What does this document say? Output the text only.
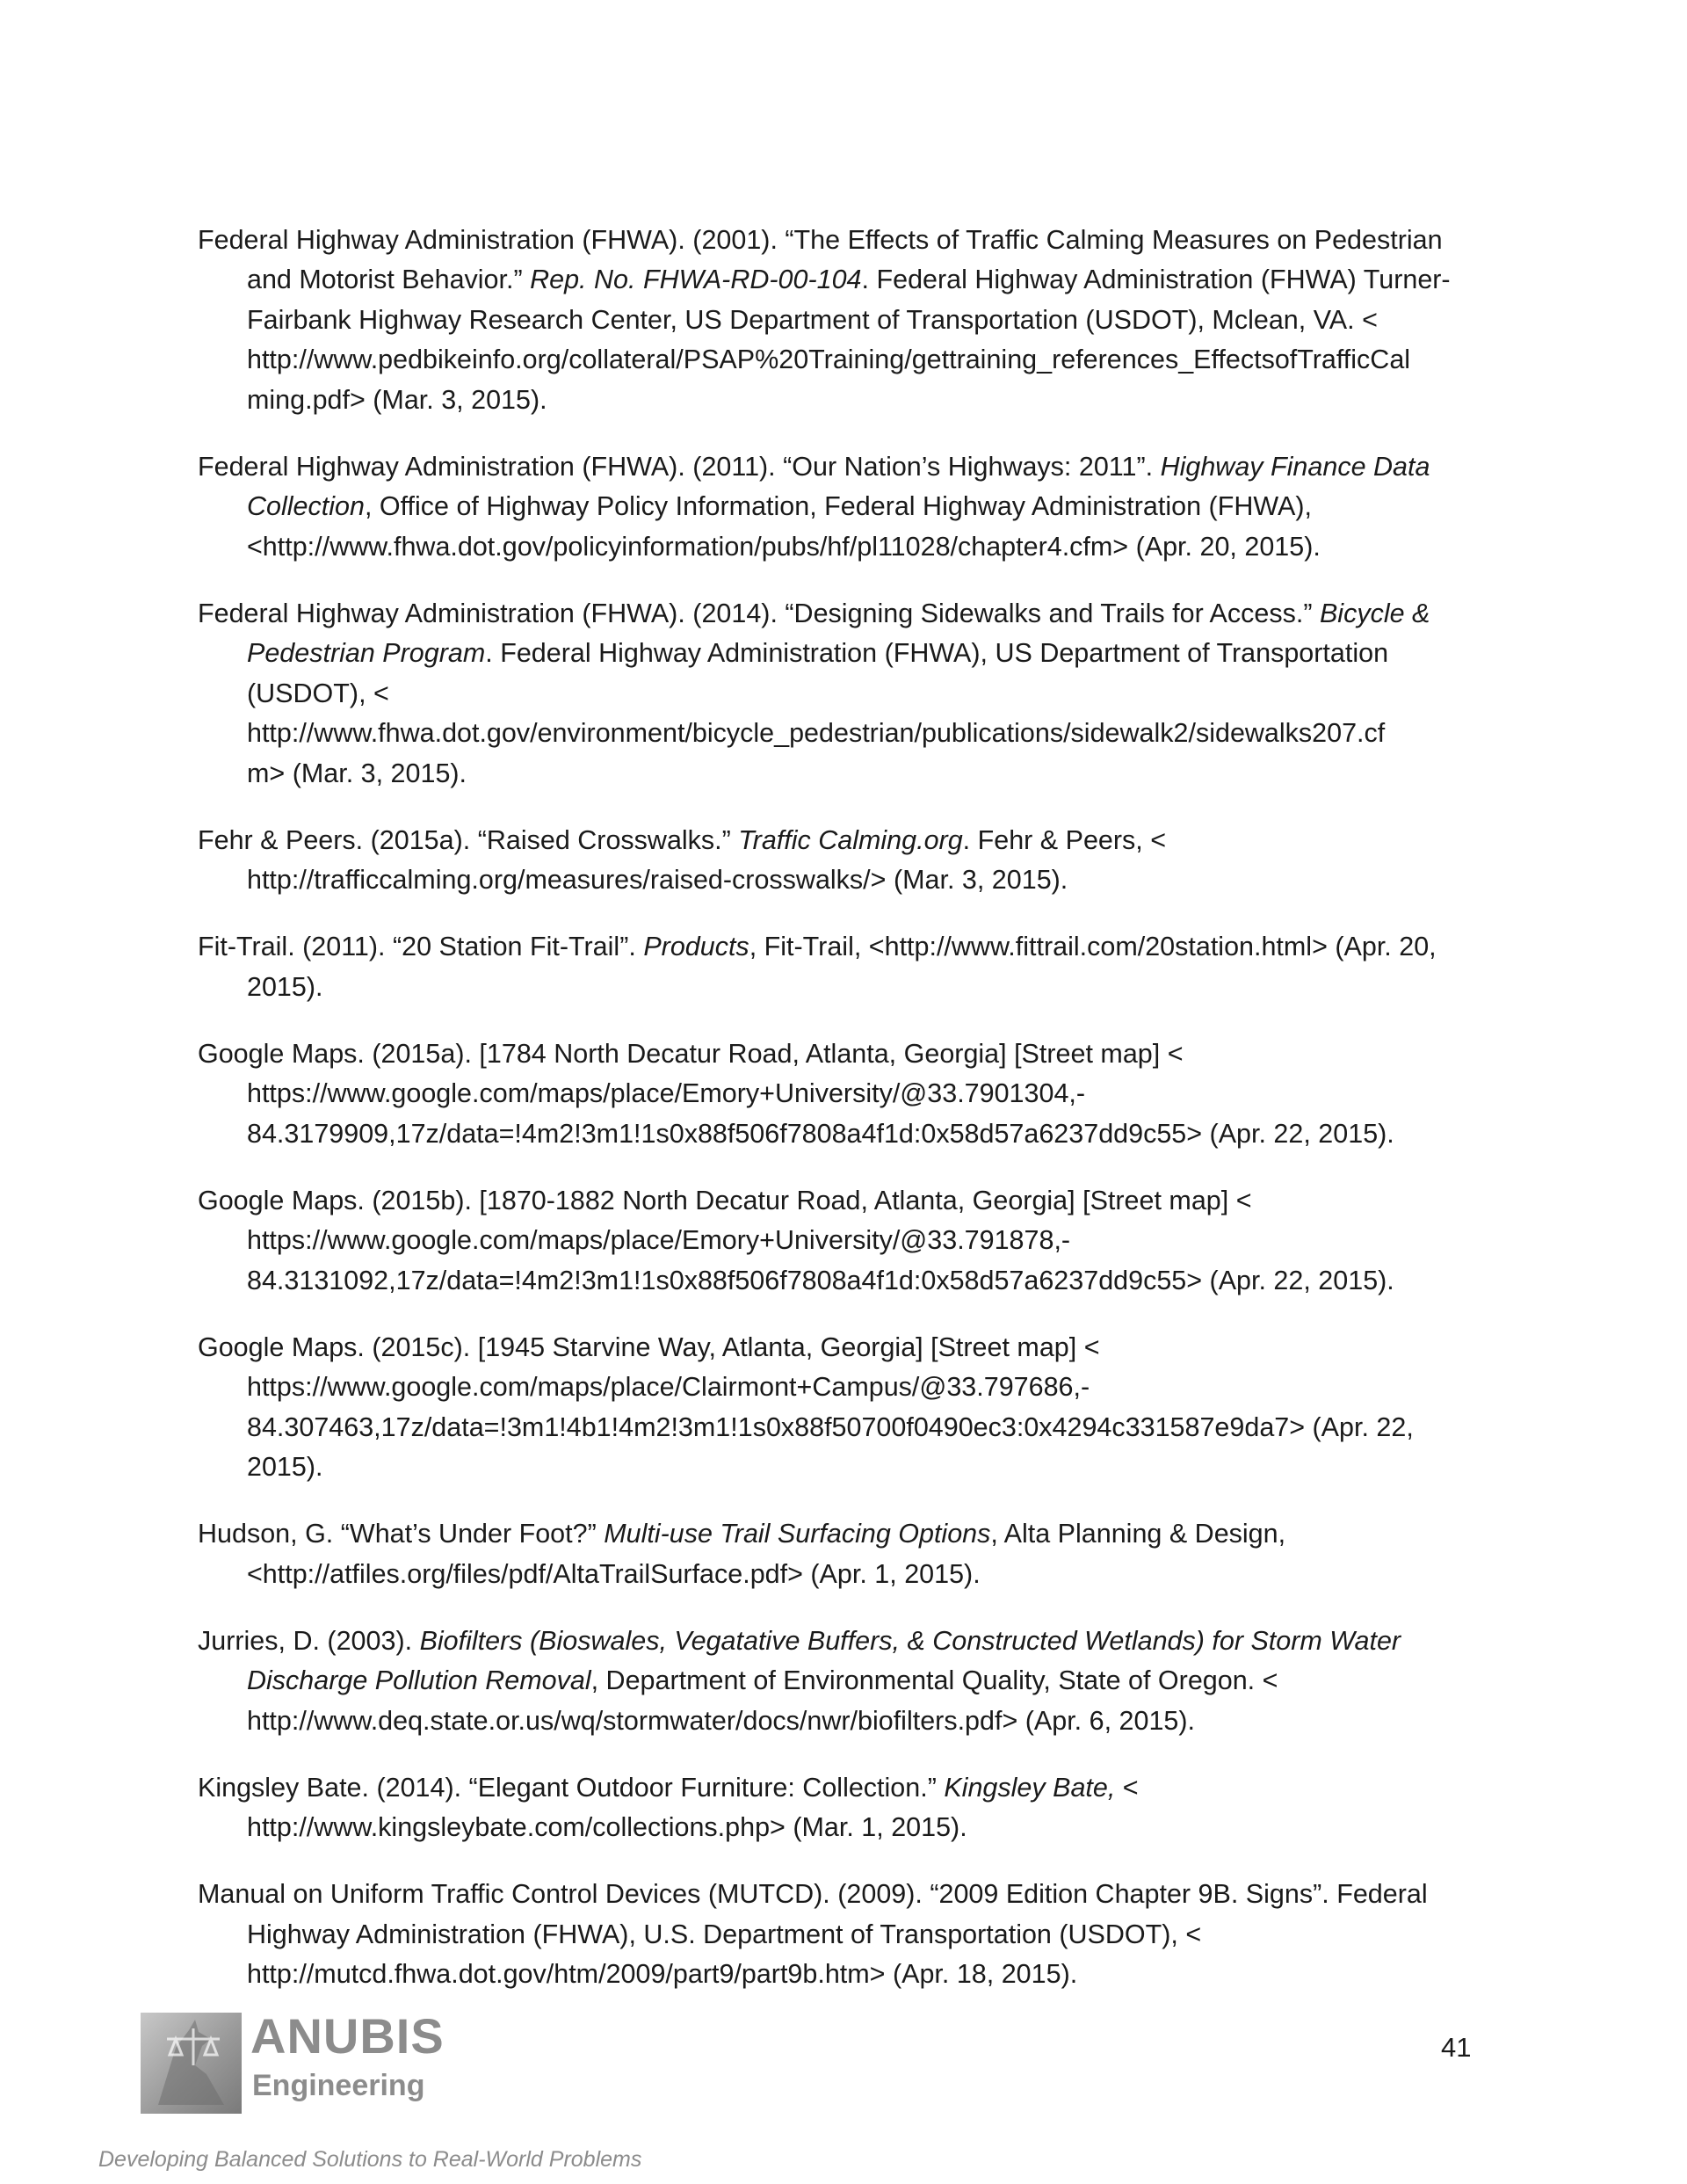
Federal Highway Administration (FHWA). (2001). “The Effects of Traffic Calming Measures on Pedestrian and Motorist Behavior.” Rep. No. FHWA-RD-00-104. Federal Highway Administration (FHWA) Turner-Fairbank Highway Research Center, US Department of Transportation (USDOT), Mclean, VA. <
http://www.pedbikeinfo.org/collateral/PSAP%20Training/gettraining_references_EffectsofTrafficCal
ming.pdf> (Mar. 3, 2015).

Federal Highway Administration (FHWA). (2011). “Our Nation’s Highways: 2011”. Highway Finance Data Collection, Office of Highway Policy Information, Federal Highway Administration (FHWA), <http://www.fhwa.dot.gov/policyinformation/pubs/hf/pl11028/chapter4.cfm> (Apr. 20, 2015).

Federal Highway Administration (FHWA). (2014). “Designing Sidewalks and Trails for Access.” Bicycle & Pedestrian Program. Federal Highway Administration (FHWA), US Department of Transportation (USDOT), <
http://www.fhwa.dot.gov/environment/bicycle_pedestrian/publications/sidewalk2/sidewalks207.cf
m> (Mar. 3, 2015).

Fehr & Peers. (2015a). “Raised Crosswalks.” Traffic Calming.org. Fehr & Peers, < http://trafficcalming.org/measures/raised-crosswalks/> (Mar. 3, 2015).

Fit-Trail. (2011). “20 Station Fit-Trail”. Products, Fit-Trail, <http://www.fittrail.com/20station.html> (Apr. 20, 2015).

Google Maps. (2015a). [1784 North Decatur Road, Atlanta, Georgia] [Street map] <
https://www.google.com/maps/place/Emory+University/@33.7901304,-
84.3179909,17z/data=!4m2!3m1!1s0x88f506f7808a4f1d:0x58d57a6237dd9c55> (Apr. 22, 2015).

Google Maps. (2015b). [1870-1882 North Decatur Road, Atlanta, Georgia] [Street map] <
https://www.google.com/maps/place/Emory+University/@33.791878,-
84.3131092,17z/data=!4m2!3m1!1s0x88f506f7808a4f1d:0x58d57a6237dd9c55> (Apr. 22, 2015).

Google Maps. (2015c). [1945 Starvine Way, Atlanta, Georgia] [Street map] <
https://www.google.com/maps/place/Clairmont+Campus/@33.797686,-
84.307463,17z/data=!3m1!4b1!4m2!3m1!1s0x88f50700f0490ec3:0x4294c331587e9da7> (Apr. 22, 2015).

Hudson, G. “What’s Under Foot?” Multi-use Trail Surfacing Options, Alta Planning & Design, <http://atfiles.org/files/pdf/AltaTrailSurface.pdf> (Apr. 1, 2015).

Jurries, D. (2003). Biofilters (Bioswales, Vegatative Buffers, & Constructed Wetlands) for Storm Water Discharge Pollution Removal, Department of Environmental Quality, State of Oregon. < http://www.deq.state.or.us/wq/stormwater/docs/nwr/biofilters.pdf> (Apr. 6, 2015).

Kingsley Bate. (2014). “Elegant Outdoor Furniture: Collection.” Kingsley Bate, <
http://www.kingsleybate.com/collections.php> (Mar. 1, 2015).

Manual on Uniform Traffic Control Devices (MUTCD). (2009). “2009 Edition Chapter 9B. Signs”. Federal Highway Administration (FHWA), U.S. Department of Transportation (USDOT), < http://mutcd.fhwa.dot.gov/htm/2009/part9/part9b.htm> (Apr. 18, 2015).

ANUBIS
Engineering
41
Developing Balanced Solutions to Real-World Problems
